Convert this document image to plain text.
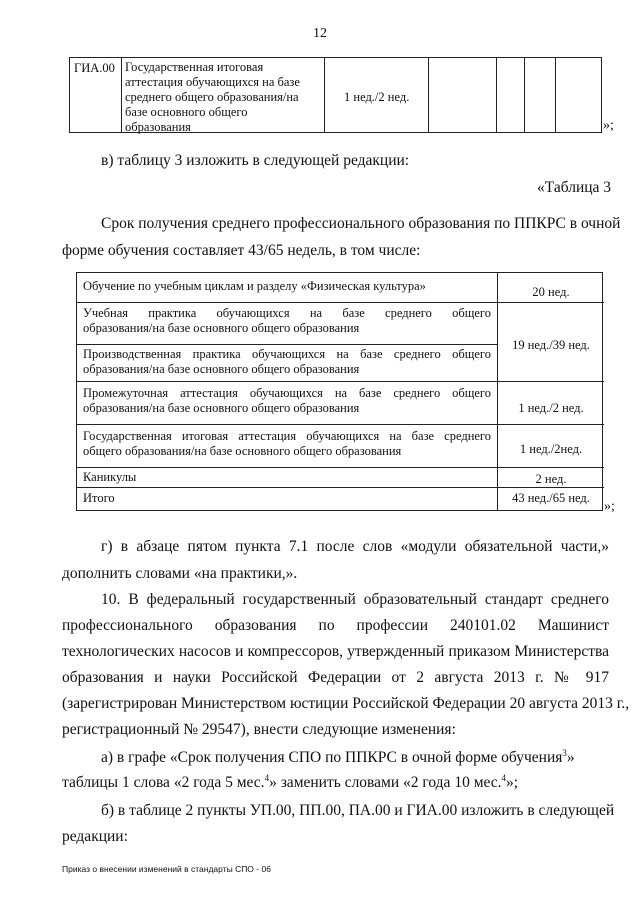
12
ГИА.00 Государственная итоговая
аттестация обучающихся на базе
среднего общего образования/на
базе основного общего
образования
1 нед./2 нед.
»;

в) таблицу 3 изложить в следующей редакции:

«Таблица 3

Срок получения среднего профессионального образования по ППКРС в очной

форме обучения составляет 43/65 недель, в том числе:

Обучение по учебным циклам и разделу «Физическая культура»	20 нед.
Учебная практика обучающихся на базе среднего общего
образования/на базе основного общего образования
Производственная практика обучающихся на базе среднего общего
образования/на базе основного общего образования
19 нед./39 нед.
Промежуточная аттестация обучающихся на базе среднего общего
образования/на базе основного общего образования	1 нед./2 нед.
Государственная итоговая аттестация обучающихся на базе среднего
общего образования/на базе основного общего образования	1 нед./2нед.
Каникулы	2 нед.
Итого	43 нед./65 нед.
»;

г) в абзаце пятом пункта 7.1 после слов «модули обязательной части,»

дополнить словами «на практики,».

10. В федеральный государственный образовательный стандарт среднего

профессионального образования по профессии 240101.02 Машинист

технологических насосов и компрессоров, утвержденный приказом Министерства

образования и науки Российской Федерации от 2 августа 2013 г. № 917

(зарегистрирован Министерством юстиции Российской Федерации 20 августа 2013 г.,

регистрационный № 29547), внести следующие изменения:

а) в графе «Срок получения СПО по ППКРС в очной форме обучения$^3$»

таблицы 1 слова «2 года 5 мес.$^4$» заменить словами «2 года 10 мес.$^4$»;

б) в таблице 2 пункты УП.00, ПП.00, ПА.00 и ГИА.00 изложить в следующей

редакции:

Приказ о внесении изменений в стандарты СПО - 06
